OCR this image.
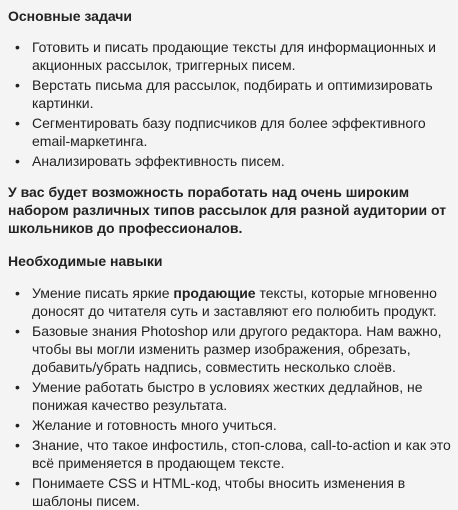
Основные задачи
• Готовить и писать продающие тексты для информационных и акционных рассылок, триггерных писем.
• Верстать письма для рассылок, подбирать и оптимизировать картинки.
• Сегментировать базу подписчиков для более эффективного email-маркетинга.
• Анализировать эффективность писем.

У вас будет возможность поработать над очень широким набором различных типов рассылок для разной аудитории от школьников до профессионалов.

Необходимые навыки
• Умение писать яркие продающие тексты, которые мгновенно доносят до читателя суть и заставляют его полюбить продукт.
• Базовые знания Photoshop или другого редактора. Нам важно, чтобы вы могли изменить размер изображения, обрезать, добавить/убрать надпись, совместить несколько слоёв.
• Умение работать быстро в условиях жестких дедлайнов, не понижая качество результата.
• Желание и готовность много учиться.
• Знание, что такое инфостиль, стоп-слова, call-to-action и как это всё применяется в продающем тексте.
• Понимаете CSS и HTML-код, чтобы вносить изменения в шаблоны писем.
